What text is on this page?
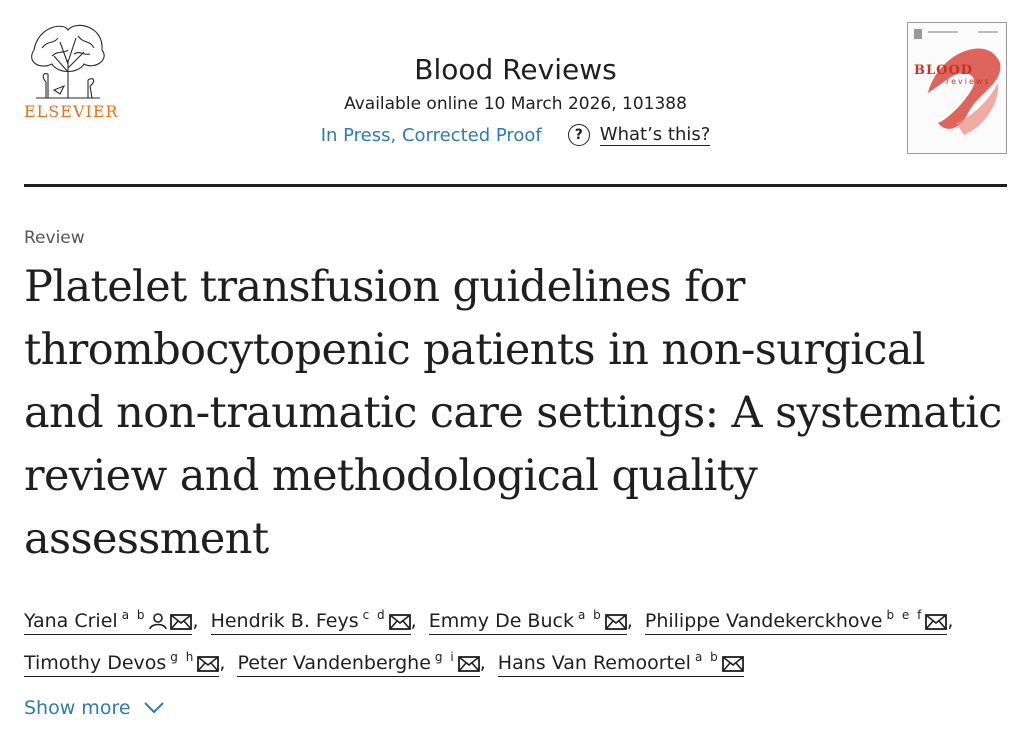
ELSEVIER
Blood Reviews
Available online 10 March 2026, 101388
In Press, Corrected Proof	? What’s this?
BLOOD
reviews
Review
Platelet transfusion guidelines for thrombocytopenic patients in non-surgical and non-traumatic care settings: A systematic review and methodological quality assessment
Yana Criel $^{a b}$ , Hendrik B. Feys $^{c d}$ , Emmy De Buck $^{a b}$ , Philippe Vandekerckhove $^{b e f}$ , Timothy Devos $^{g h}$ , Peter Vandenberghe $^{g i}$ , Hans Van Remoortel $^{a b}$
Show more
